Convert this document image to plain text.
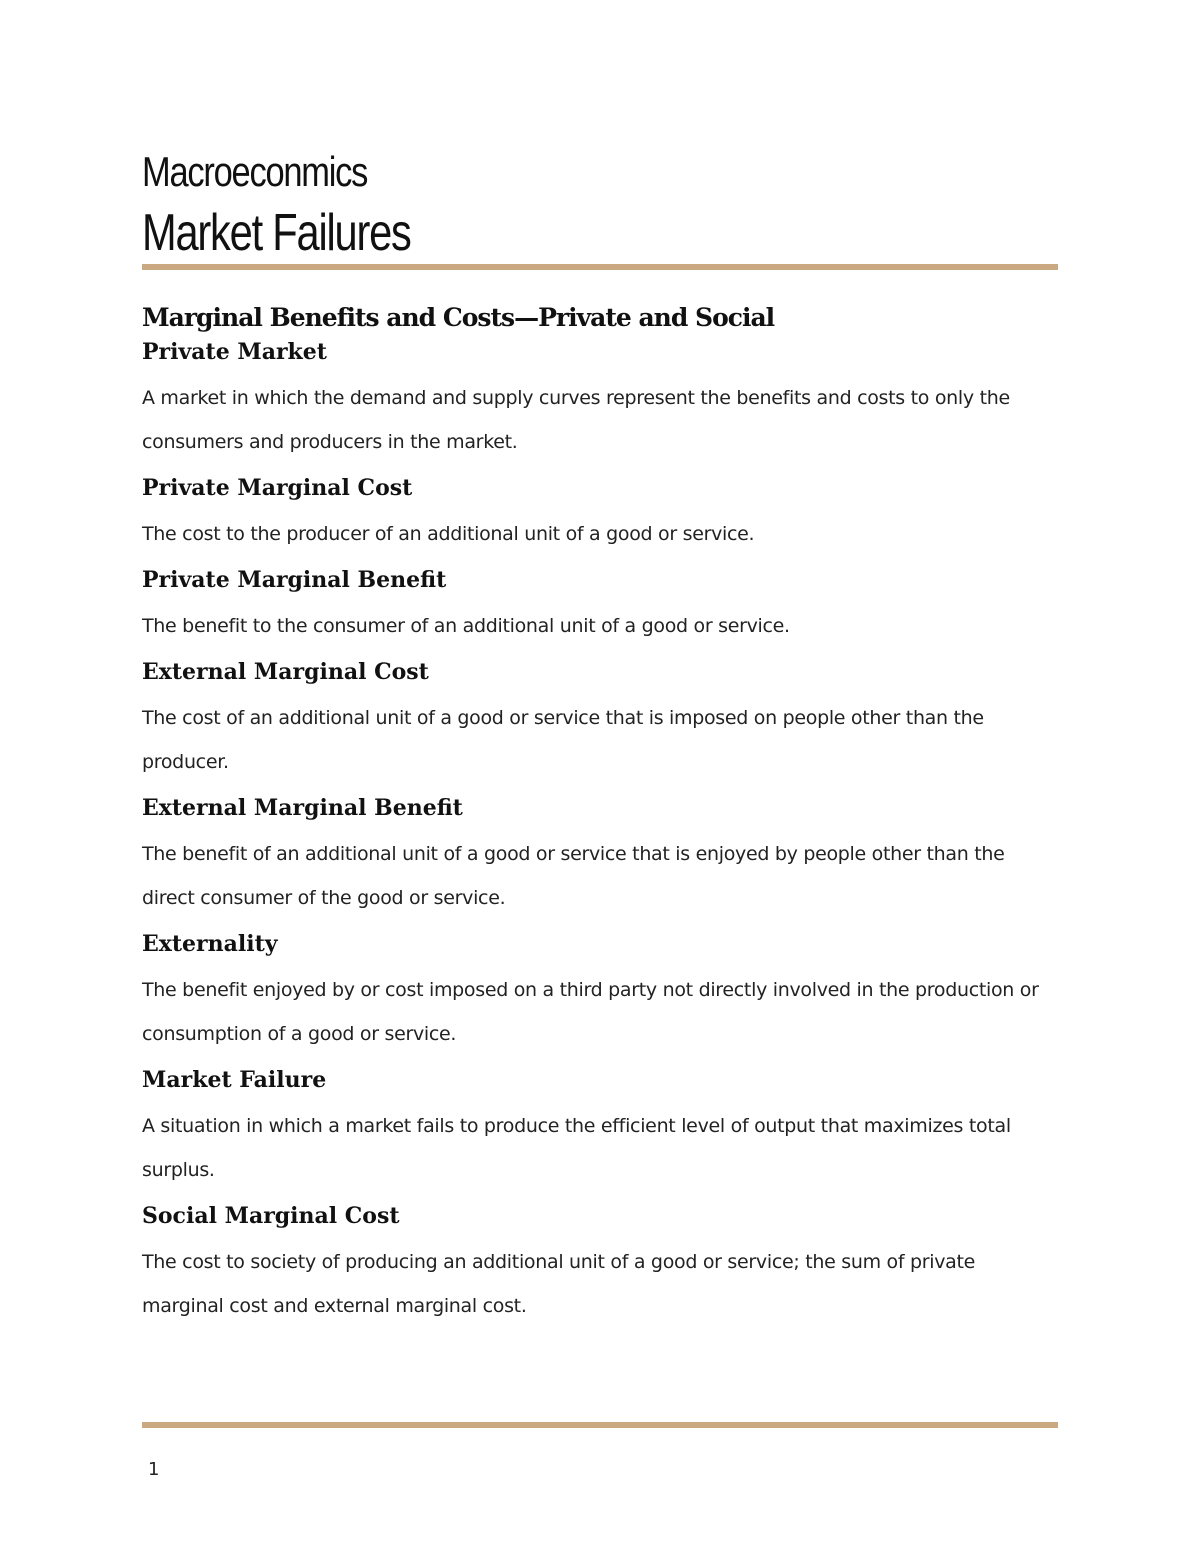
Macroeconmics
Market Failures
Marginal Benefits and Costs—Private and Social
Private Market

A market in which the demand and supply curves represent the benefits and costs to only the consumers and producers in the market.

Private Marginal Cost

The cost to the producer of an additional unit of a good or service.

Private Marginal Benefit

The benefit to the consumer of an additional unit of a good or service.

External Marginal Cost

The cost of an additional unit of a good or service that is imposed on people other than the producer.

External Marginal Benefit

The benefit of an additional unit of a good or service that is enjoyed by people other than the direct consumer of the good or service.

Externality

The benefit enjoyed by or cost imposed on a third party not directly involved in the production or consumption of a good or service.

Market Failure

A situation in which a market fails to produce the efficient level of output that maximizes total surplus.

Social Marginal Cost

The cost to society of producing an additional unit of a good or service; the sum of private marginal cost and external marginal cost.

1
